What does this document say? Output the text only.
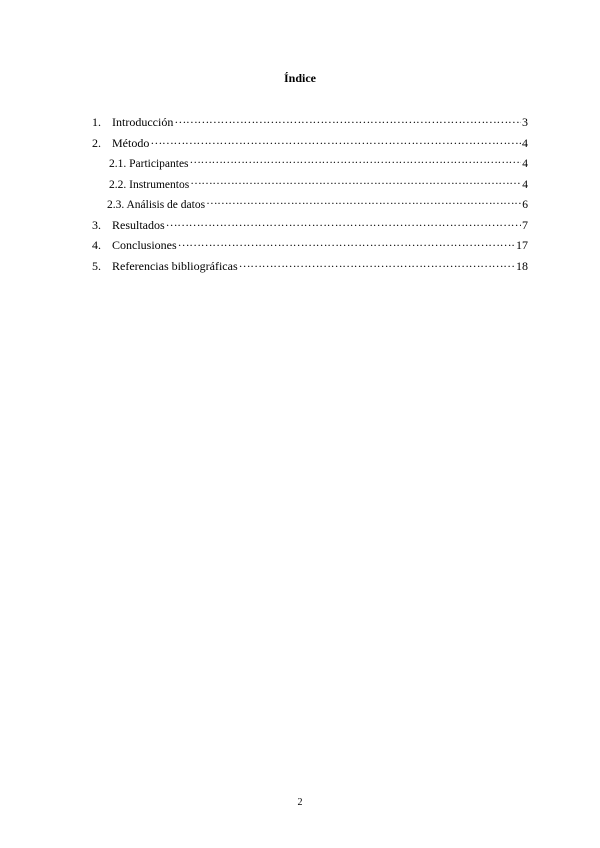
Índice
1. Introducción ……………………………………………………………………………………………………………………………………………………………………………………	3
2. Método ……………………………………………………………………………………………………………………………………………………………………………………	4
2.1. Participantes ……………………………………………………………………………………………………………………………………………………………………………………	4
2.2. Instrumentos ……………………………………………………………………………………………………………………………………………………………………………………	4
2.3. Análisis de datos ……………………………………………………………………………………………………………………………………………………………………………………	6
3. Resultados ……………………………………………………………………………………………………………………………………………………………………………………	7
4. Conclusiones ……………………………………………………………………………………………………………………………………………………………………………………	17
5. Referencias bibliográficas ……………………………………………………………………………………………………………………………………………………………………………………	18
2
